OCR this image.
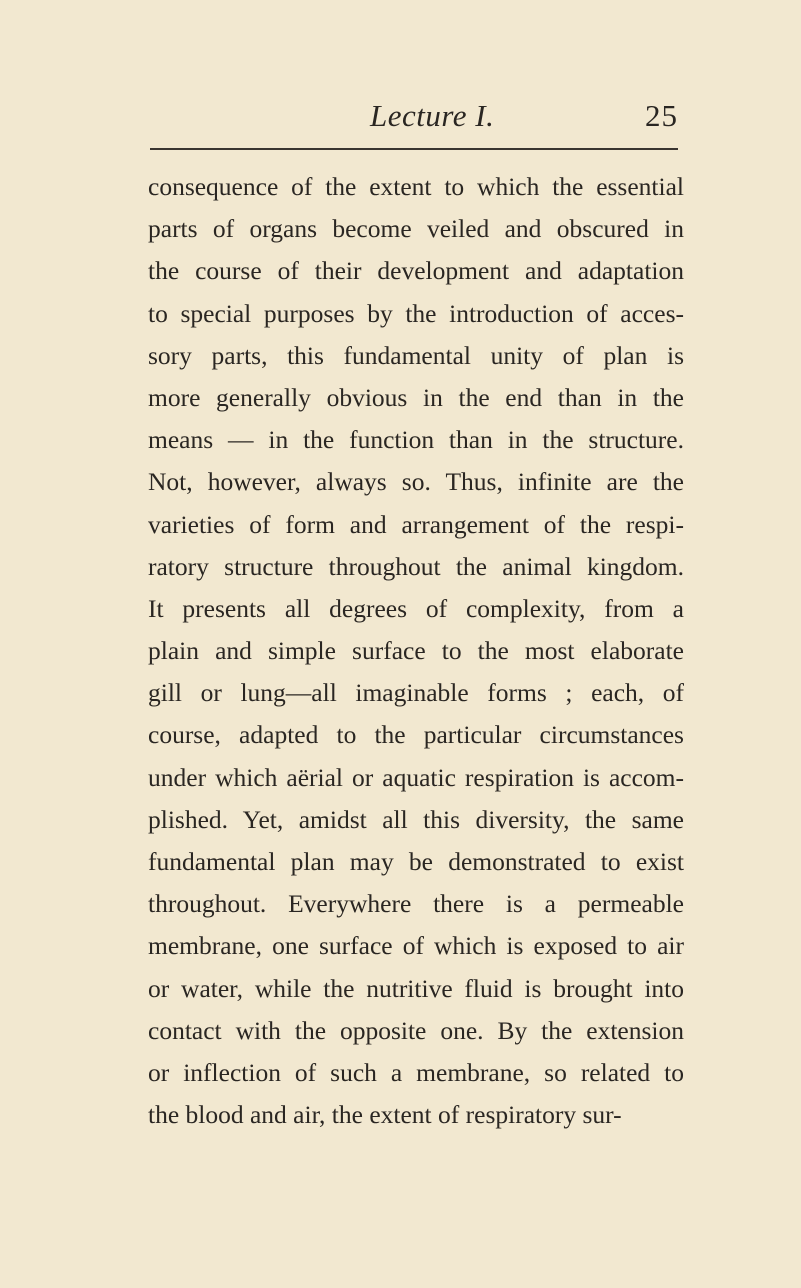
Lecture I.	25
consequence of the extent to which the essential
parts of organs become veiled and obscured in
the course of their development and adaptation
to special purposes by the introduction of acces-
sory parts, this fundamental unity of plan is
more generally obvious in the end than in the
means — in the function than in the structure.
Not, however, always so. Thus, infinite are the
varieties of form and arrangement of the respi-
ratory structure throughout the animal kingdom.
It presents all degrees of complexity, from a
plain and simple surface to the most elaborate
gill or lung—all imaginable forms ; each, of
course, adapted to the particular circumstances
under which aërial or aquatic respiration is accom-
plished. Yet, amidst all this diversity, the same
fundamental plan may be demonstrated to exist
throughout. Everywhere there is a permeable
membrane, one surface of which is exposed to air
or water, while the nutritive fluid is brought into
contact with the opposite one. By the extension
or inflection of such a membrane, so related to
the blood and air, the extent of respiratory sur-
